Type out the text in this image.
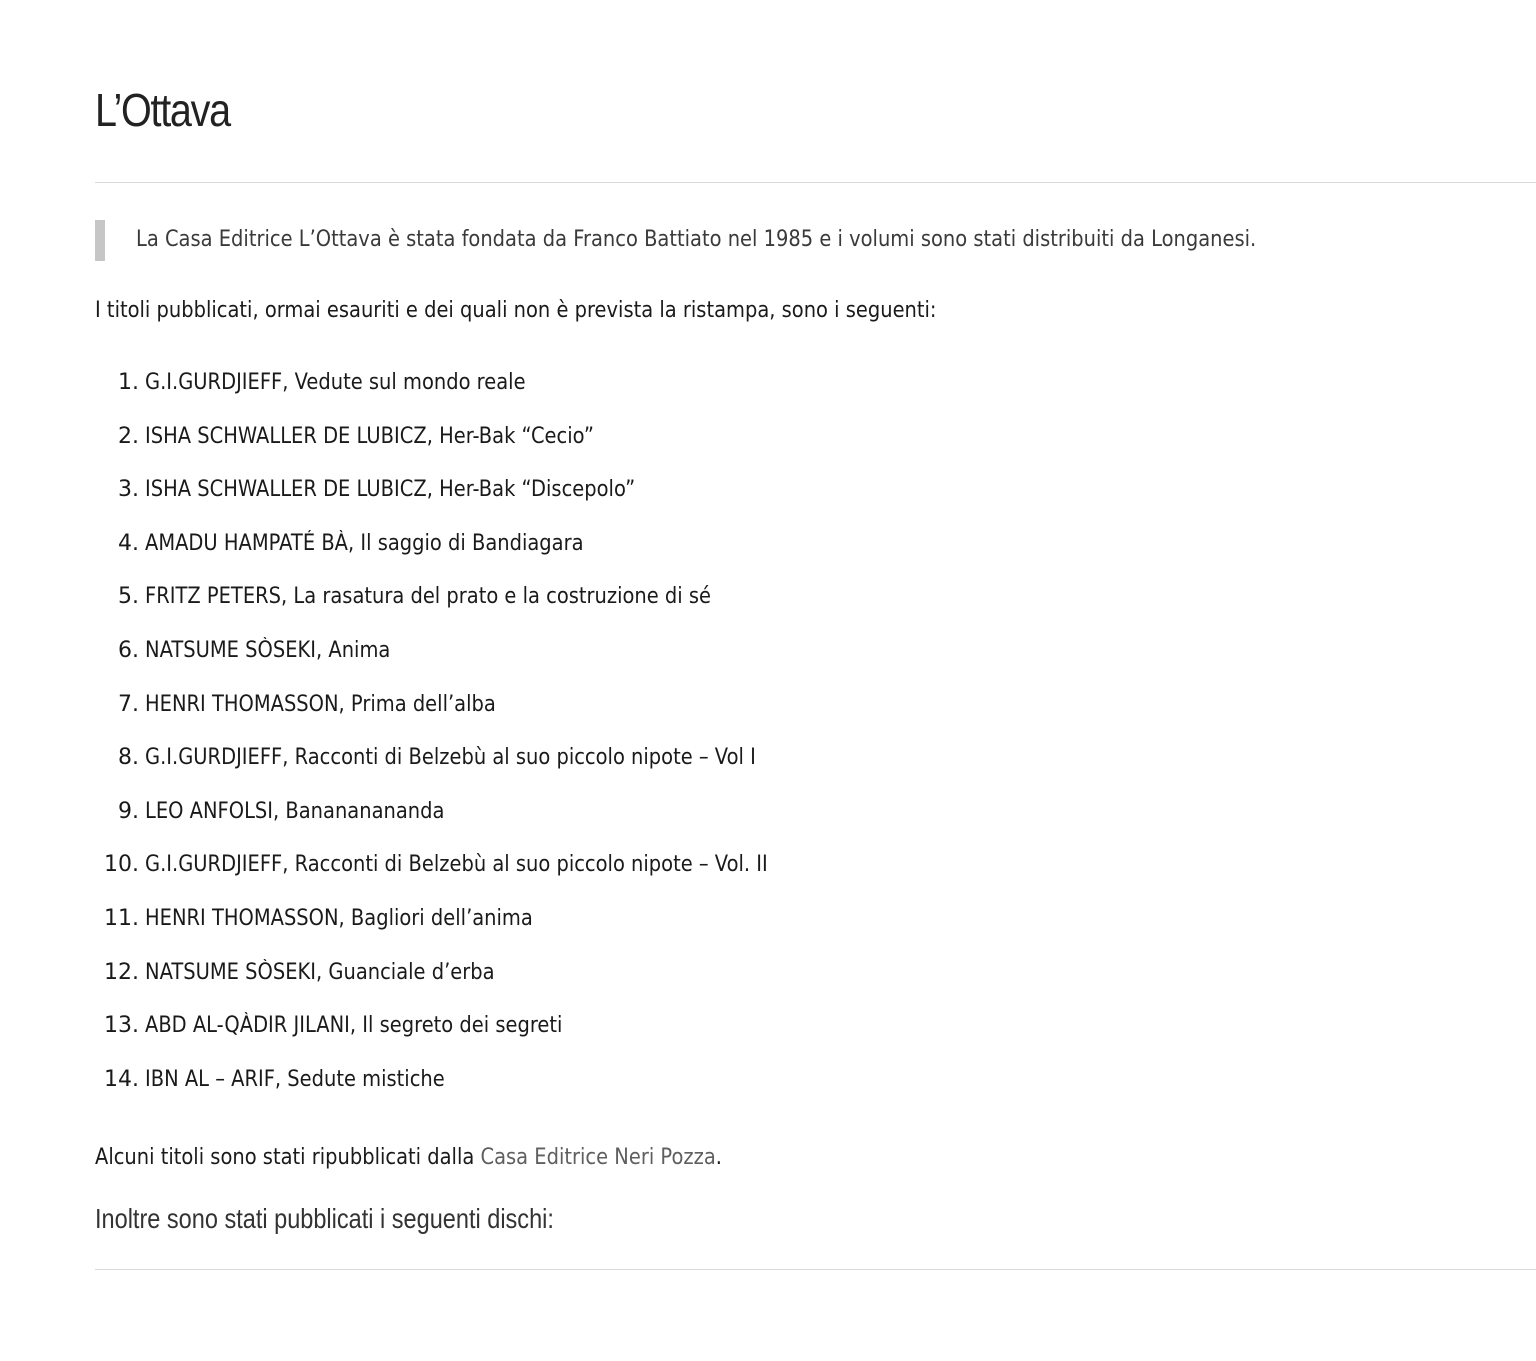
L’Ottava

La Casa Editrice L’Ottava è stata fondata da Franco Battiato nel 1985 e i volumi sono stati distribuiti da Longanesi.

I titoli pubblicati, ormai esauriti e dei quali non è prevista la ristampa, sono i seguenti:

1. G.I.GURDJIEFF, Vedute sul mondo reale
2. ISHA SCHWALLER DE LUBICZ, Her-Bak “Cecio”
3. ISHA SCHWALLER DE LUBICZ, Her-Bak “Discepolo”
4. AMADU HAMPATÉ BÀ, Il saggio di Bandiagara
5. FRITZ PETERS, La rasatura del prato e la costruzione di sé
6. NATSUME SÒSEKI, Anima
7. HENRI THOMASSON, Prima dell’alba
8. G.I.GURDJIEFF, Racconti di Belzebù al suo piccolo nipote – Vol I
9. LEO ANFOLSI, Banananananda
10. G.I.GURDJIEFF, Racconti di Belzebù al suo piccolo nipote – Vol. II
11. HENRI THOMASSON, Bagliori dell’anima
12. NATSUME SÒSEKI, Guanciale d’erba
13. ABD AL-QÀDIR JILANI, Il segreto dei segreti
14. IBN AL – ARIF, Sedute mistiche

Alcuni titoli sono stati ripubblicati dalla Casa Editrice Neri Pozza.

Inoltre sono stati pubblicati i seguenti dischi:
